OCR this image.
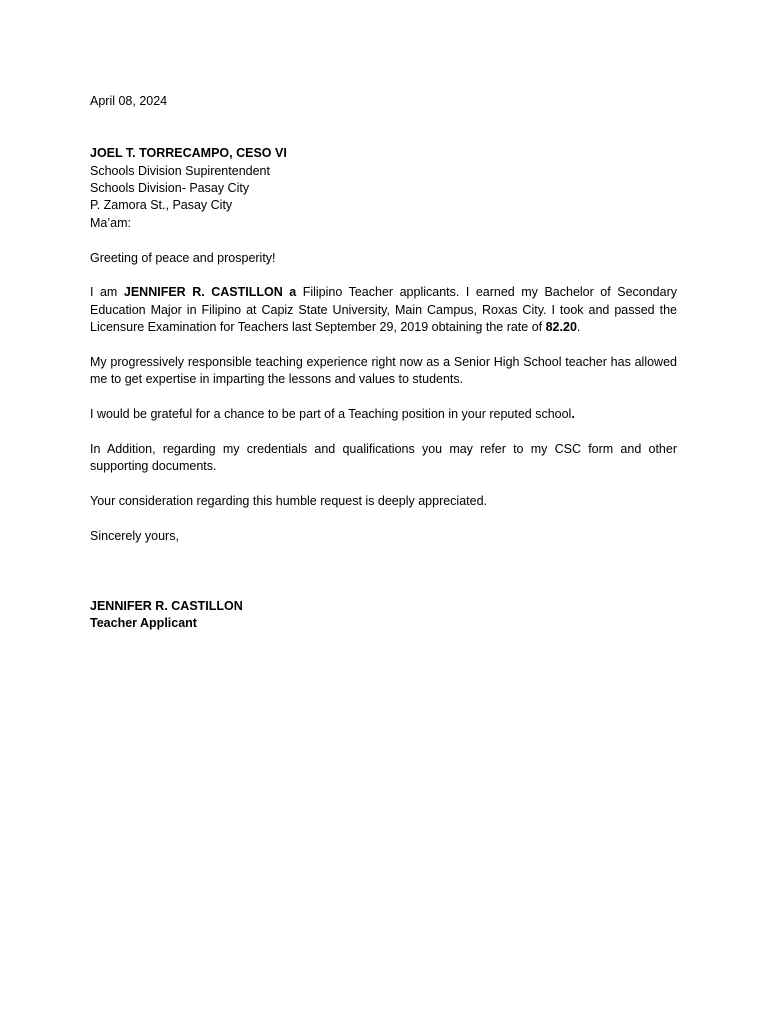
April 08, 2024
JOEL T. TORRECAMPO, CESO VI
Schools Division Supirentendent
Schools Division- Pasay City
P. Zamora St., Pasay City
Ma’am:
Greeting of peace and prosperity!

I am JENNIFER R. CASTILLON a Filipino Teacher applicants. I earned my Bachelor of Secondary Education Major in Filipino at Capiz State University, Main Campus, Roxas City. I took and passed the Licensure Examination for Teachers last September 29, 2019 obtaining the rate of 82.20.

My progressively responsible teaching experience right now as a Senior High School teacher has allowed me to get expertise in imparting the lessons and values to students.

I would be grateful for a chance to be part of a Teaching position in your reputed school.

In Addition, regarding my credentials and qualifications you may refer to my CSC form and other supporting documents.

Your consideration regarding this humble request is deeply appreciated.

Sincerely yours,
JENNIFER R. CASTILLON
Teacher Applicant
